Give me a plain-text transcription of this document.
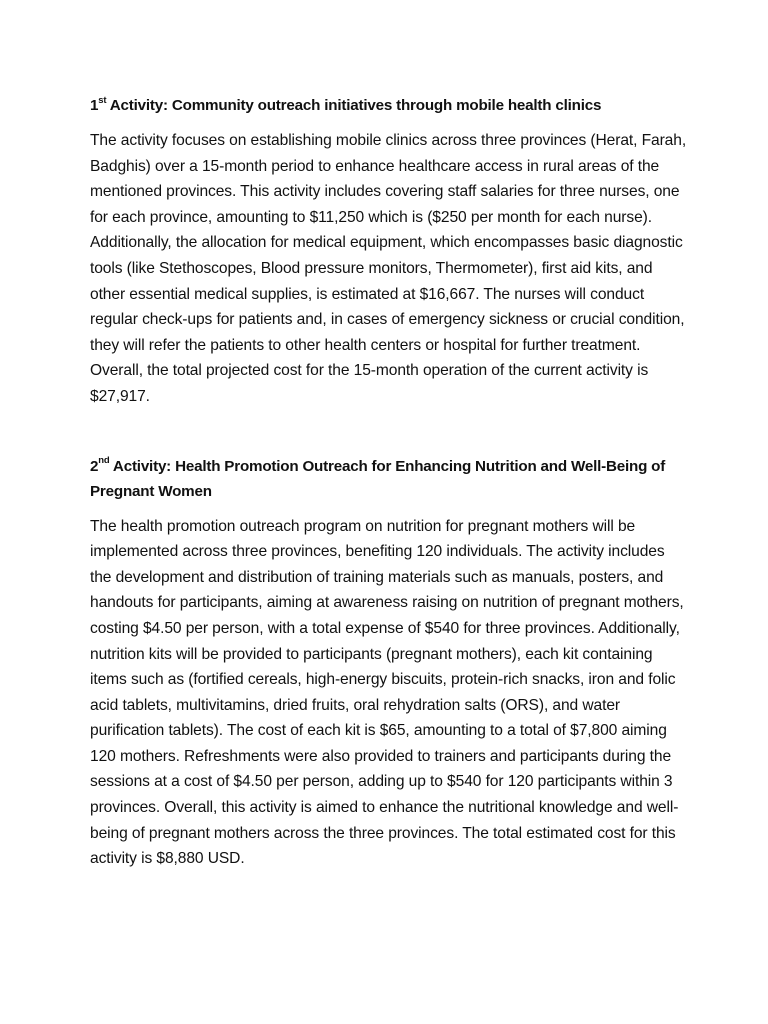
1st Activity: Community outreach initiatives through mobile health clinics

The activity focuses on establishing mobile clinics across three provinces (Herat, Farah, Badghis) over a 15-month period to enhance healthcare access in rural areas of the mentioned provinces. This activity includes covering staff salaries for three nurses, one for each province, amounting to $11,250 which is ($250 per month for each nurse). Additionally, the allocation for medical equipment, which encompasses basic diagnostic tools (like Stethoscopes, Blood pressure monitors, Thermometer), first aid kits, and other essential medical supplies, is estimated at $16,667. The nurses will conduct regular check-ups for patients and, in cases of emergency sickness or crucial condition, they will refer the patients to other health centers or hospital for further treatment. Overall, the total projected cost for the 15-month operation of the current activity is $27,917.

2nd Activity: Health Promotion Outreach for Enhancing Nutrition and Well-Being of Pregnant Women

The health promotion outreach program on nutrition for pregnant mothers will be implemented across three provinces, benefiting 120 individuals. The activity includes the development and distribution of training materials such as manuals, posters, and handouts for participants, aiming at awareness raising on nutrition of pregnant mothers, costing $4.50 per person, with a total expense of $540 for three provinces. Additionally, nutrition kits will be provided to participants (pregnant mothers), each kit containing items such as (fortified cereals, high-energy biscuits, protein-rich snacks, iron and folic acid tablets, multivitamins, dried fruits, oral rehydration salts (ORS), and water purification tablets). The cost of each kit is $65, amounting to a total of $7,800 aiming 120 mothers. Refreshments were also provided to trainers and participants during the sessions at a cost of $4.50 per person, adding up to $540 for 120 participants within 3 provinces. Overall, this activity is aimed to enhance the nutritional knowledge and well-being of pregnant mothers across the three provinces. The total estimated cost for this activity is $8,880 USD.
